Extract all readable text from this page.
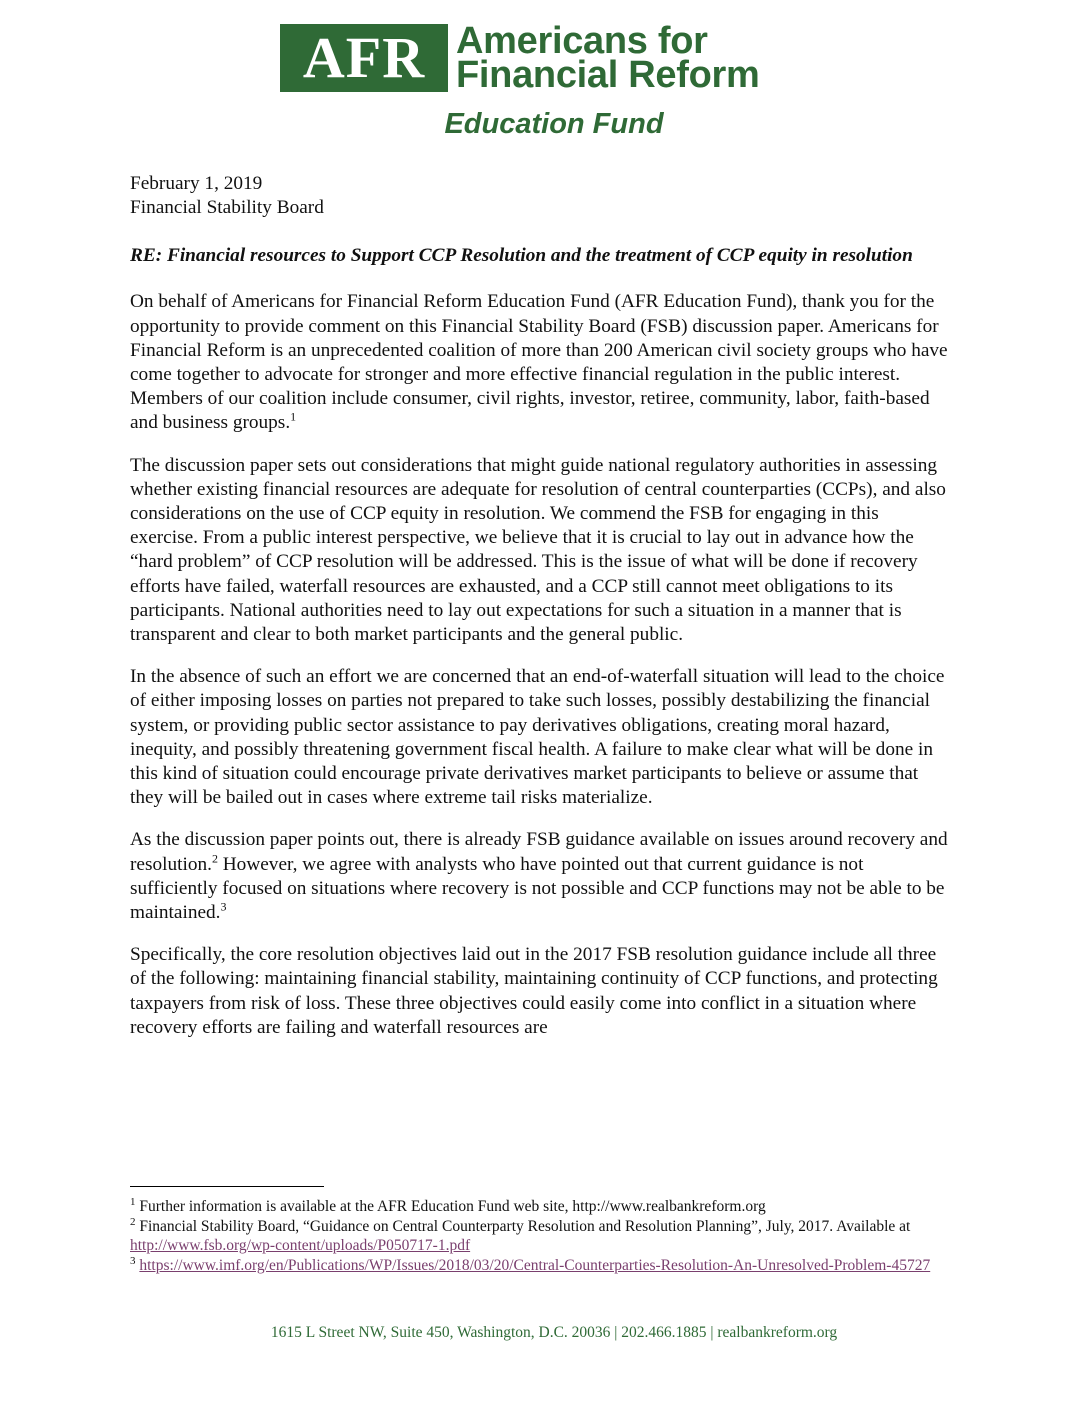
AFR Americans for
Financial Reform
Education Fund

February 1, 2019

Financial Stability Board

RE: Financial resources to Support CCP Resolution and the treatment of CCP equity in resolution

On behalf of Americans for Financial Reform Education Fund (AFR Education Fund), thank you for the opportunity to provide comment on this Financial Stability Board (FSB) discussion paper. Americans for Financial Reform is an unprecedented coalition of more than 200 American civil society groups who have come together to advocate for stronger and more effective financial regulation in the public interest. Members of our coalition include consumer, civil rights, investor, retiree, community, labor, faith-based and business groups.$^1$

The discussion paper sets out considerations that might guide national regulatory authorities in assessing whether existing financial resources are adequate for resolution of central counterparties (CCPs), and also considerations on the use of CCP equity in resolution. We commend the FSB for engaging in this exercise. From a public interest perspective, we believe that it is crucial to lay out in advance how the “hard problem” of CCP resolution will be addressed. This is the issue of what will be done if recovery efforts have failed, waterfall resources are exhausted, and a CCP still cannot meet obligations to its participants. National authorities need to lay out expectations for such a situation in a manner that is transparent and clear to both market participants and the general public.

In the absence of such an effort we are concerned that an end-of-waterfall situation will lead to the choice of either imposing losses on parties not prepared to take such losses, possibly destabilizing the financial system, or providing public sector assistance to pay derivatives obligations, creating moral hazard, inequity, and possibly threatening government fiscal health. A failure to make clear what will be done in this kind of situation could encourage private derivatives market participants to believe or assume that they will be bailed out in cases where extreme tail risks materialize.

As the discussion paper points out, there is already FSB guidance available on issues around recovery and resolution.$^2$ However, we agree with analysts who have pointed out that current guidance is not sufficiently focused on situations where recovery is not possible and CCP functions may not be able to be maintained.$^3$

Specifically, the core resolution objectives laid out in the 2017 FSB resolution guidance include all three of the following: maintaining financial stability, maintaining continuity of CCP functions, and protecting taxpayers from risk of loss. These three objectives could easily come into conflict in a situation where recovery efforts are failing and waterfall resources are

$^1$ Further information is available at the AFR Education Fund web site, http://www.realbankreform.org

$^2$ Financial Stability Board, “Guidance on Central Counterparty Resolution and Resolution Planning”, July, 2017. Available at http://www.fsb.org/wp-content/uploads/P050717-1.pdf

$^3$ https://www.imf.org/en/Publications/WP/Issues/2018/03/20/Central-Counterparties-Resolution-An-Unresolved-Problem-45727

1615 L Street NW, Suite 450, Washington, D.C. 20036 | 202.466.1885 | realbankreform.org
